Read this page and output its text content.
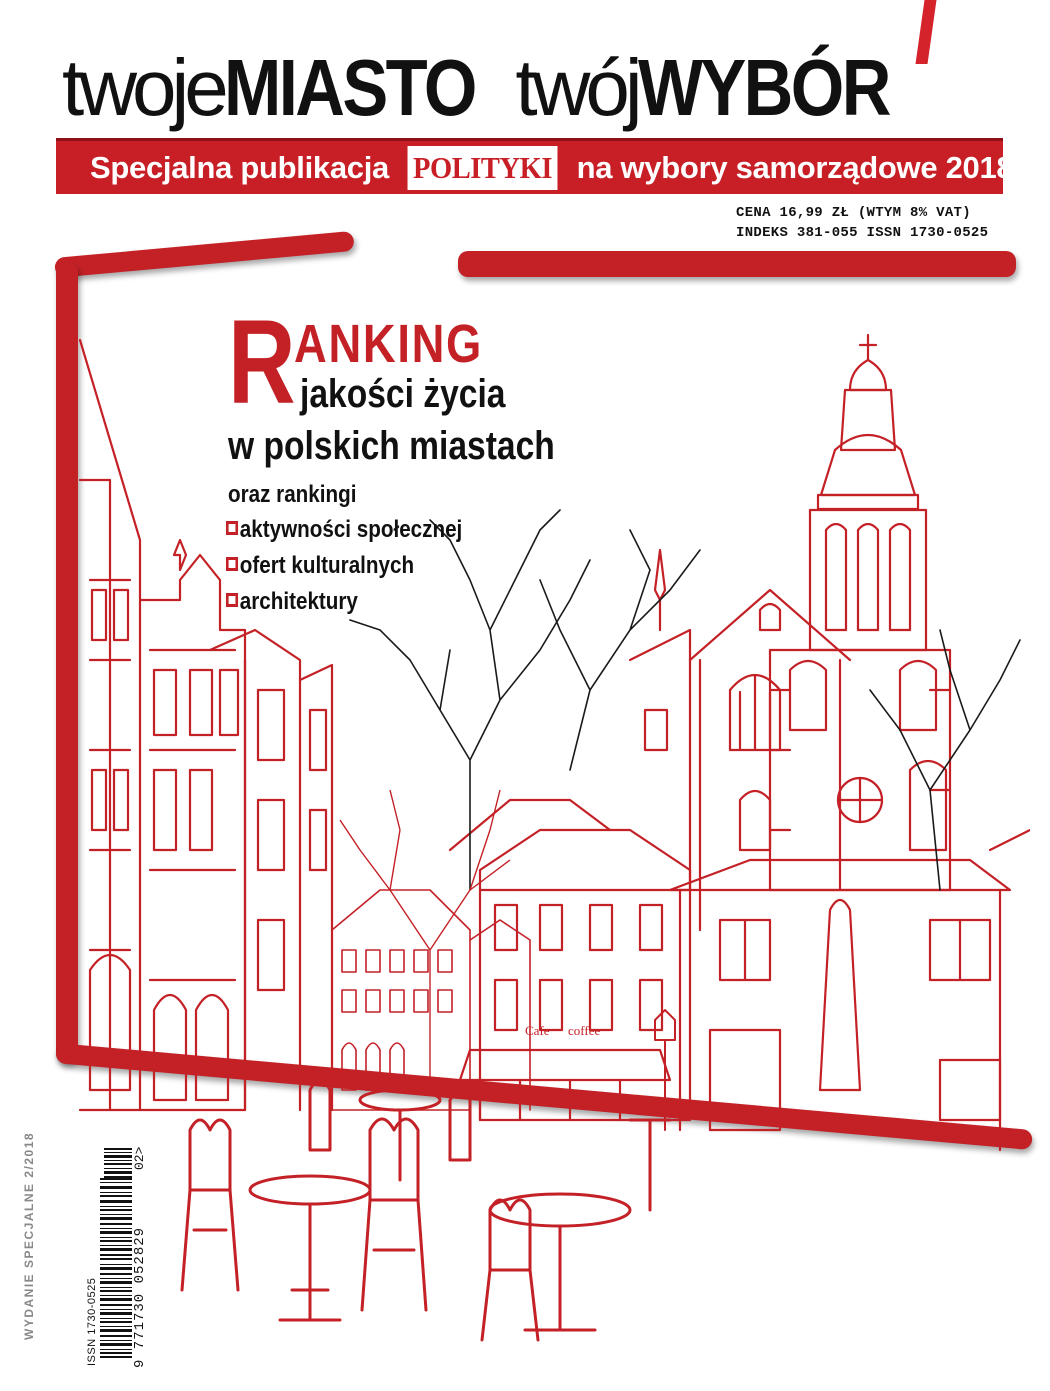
twojeMIASTO twójWYBÓR
Specjalna publikacja POLITYKI na wybory samorządowe 2018
CENA 16,99 ZŁ (WTYM 8% VAT)
INDEKS 381-055 ISSN 1730-0525
Cafe coffee
R
ANKING
jakości życia
w polskich miastach
oraz rankingi
aktywności społecznej
ofert kulturalnych
architektury
WYDANIE SPECJALNE 2/2018	ISSN 1730-0525 9 771730 052829
02>
